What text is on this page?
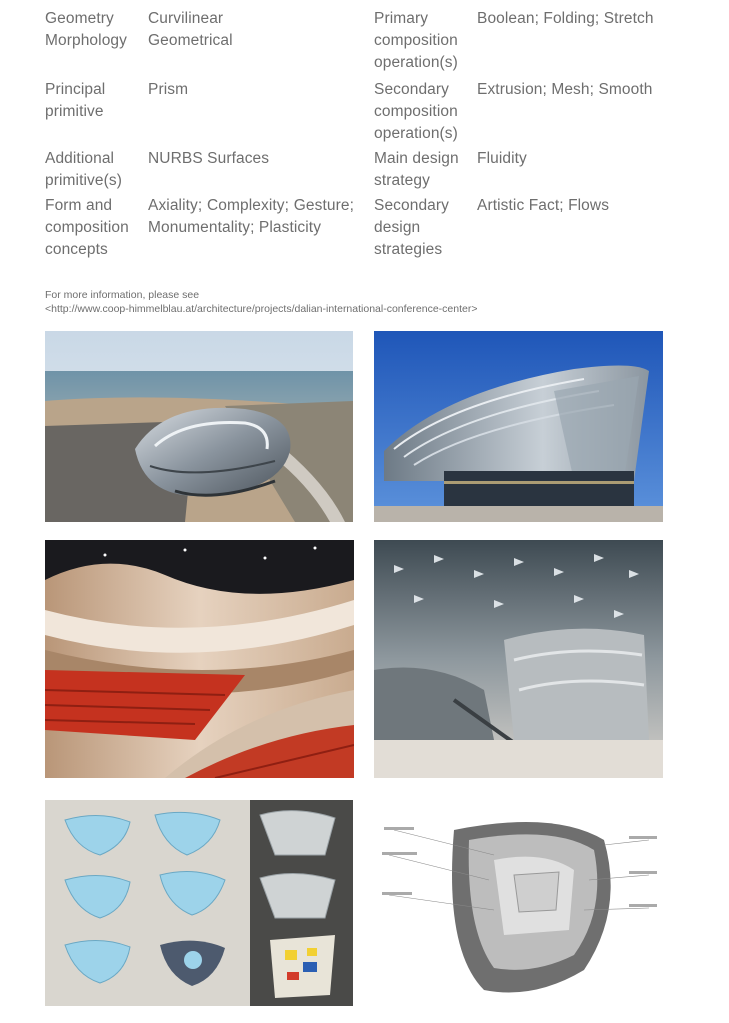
Geometry Morphology
Curvilinear Geometrical
Primary composition operation(s)
Boolean; Folding; Stretch
Principal primitive
Prism	Secondary composition operation(s)
Extrusion; Mesh; Smooth
Additional primitive(s)
NURBS Surfaces	Main design strategy
Fluidity
Form and composition concepts
Axiality; Complexity; Gesture; Monumentality; Plasticity
Secondary design strategies
Artistic Fact; Flows
For more information, please see
<http://www.coop-himmelblau.at/architecture/projects/dalian-international-conference-center>
